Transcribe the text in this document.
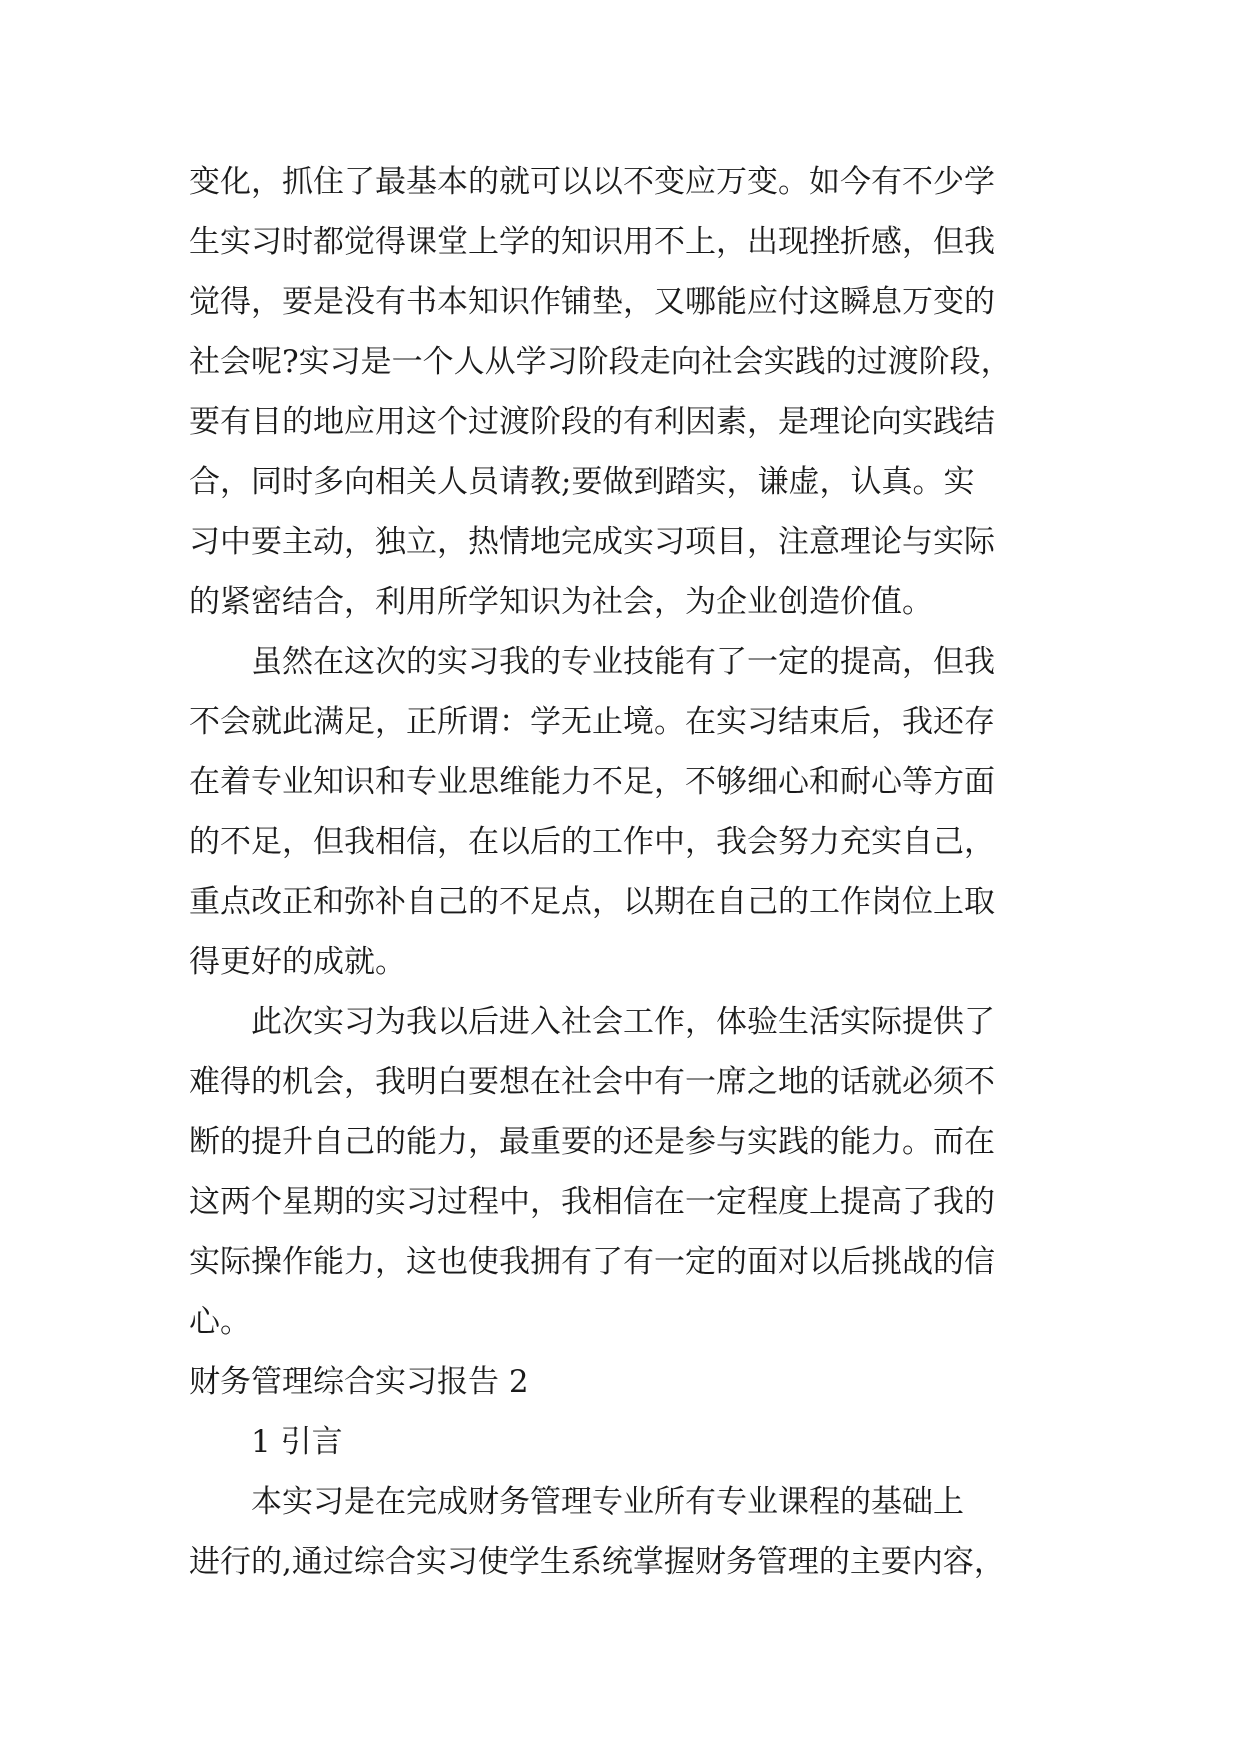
变化，抓住了最基本的就可以以不变应万变。如今有不少学
生实习时都觉得课堂上学的知识用不上，出现挫折感，但我
觉得，要是没有书本知识作铺垫，又哪能应付这瞬息万变的
社会呢?实习是一个人从学习阶段走向社会实践的过渡阶段，
要有目的地应用这个过渡阶段的有利因素，是理论向实践结
合，同时多向相关人员请教;要做到踏实，谦虚，认真。实
习中要主动，独立，热情地完成实习项目，注意理论与实际
的紧密结合，利用所学知识为社会，为企业创造价值。
虽然在这次的实习我的专业技能有了一定的提高，但我
不会就此满足，正所谓：学无止境。在实习结束后，我还存
在着专业知识和专业思维能力不足，不够细心和耐心等方面
的不足，但我相信，在以后的工作中，我会努力充实自己，
重点改正和弥补自己的不足点，以期在自己的工作岗位上取
得更好的成就。
此次实习为我以后进入社会工作，体验生活实际提供了
难得的机会，我明白要想在社会中有一席之地的话就必须不
断的提升自己的能力，最重要的还是参与实践的能力。而在
这两个星期的实习过程中，我相信在一定程度上提高了我的
实际操作能力，这也使我拥有了有一定的面对以后挑战的信
心。
财务管理综合实习报告 2
1 引言
本实习是在完成财务管理专业所有专业课程的基础上
进行的,通过综合实习使学生系统掌握财务管理的主要内容，
